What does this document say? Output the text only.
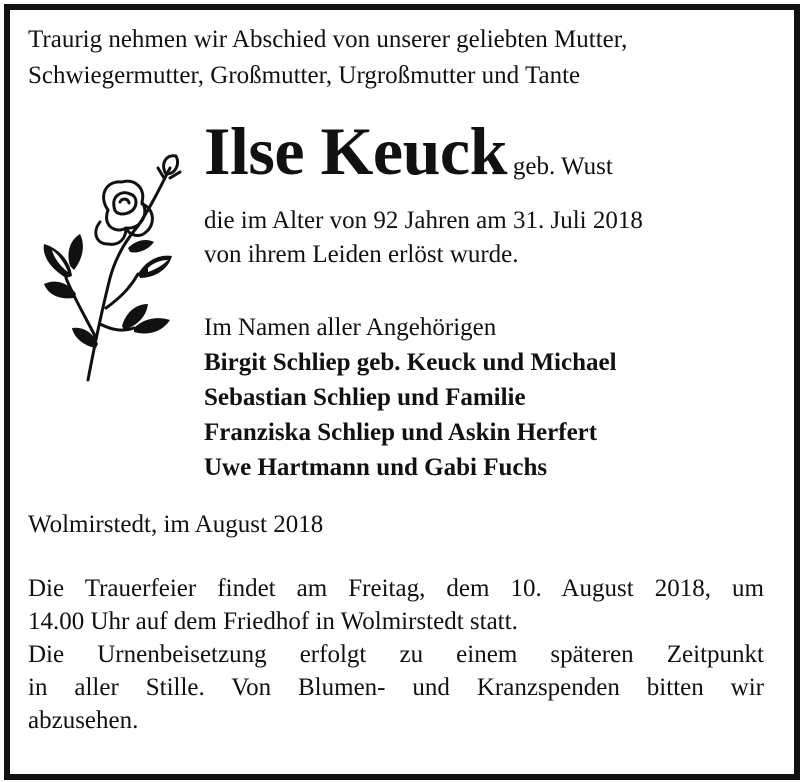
Traurig nehmen wir Abschied von unserer geliebten Mutter,
Schwiegermutter, Großmutter, Urgroßmutter und Tante
Ilse Keuck geb. Wust
die im Alter von 92 Jahren am 31. Juli 2018
von ihrem Leiden erlöst wurde.
Im Namen aller Angehörigen
Birgit Schliep geb. Keuck und Michael
Sebastian Schliep und Familie
Franziska Schliep und Askin Herfert
Uwe Hartmann und Gabi Fuchs
Wolmirstedt, im August 2018
Die Trauerfeier findet am Freitag, dem 10. August 2018, um
14.00 Uhr auf dem Friedhof in Wolmirstedt statt.
Die Urnenbeisetzung erfolgt zu einem späteren Zeitpunkt
in aller Stille. Von Blumen- und Kranzspenden bitten wir
abzusehen.
